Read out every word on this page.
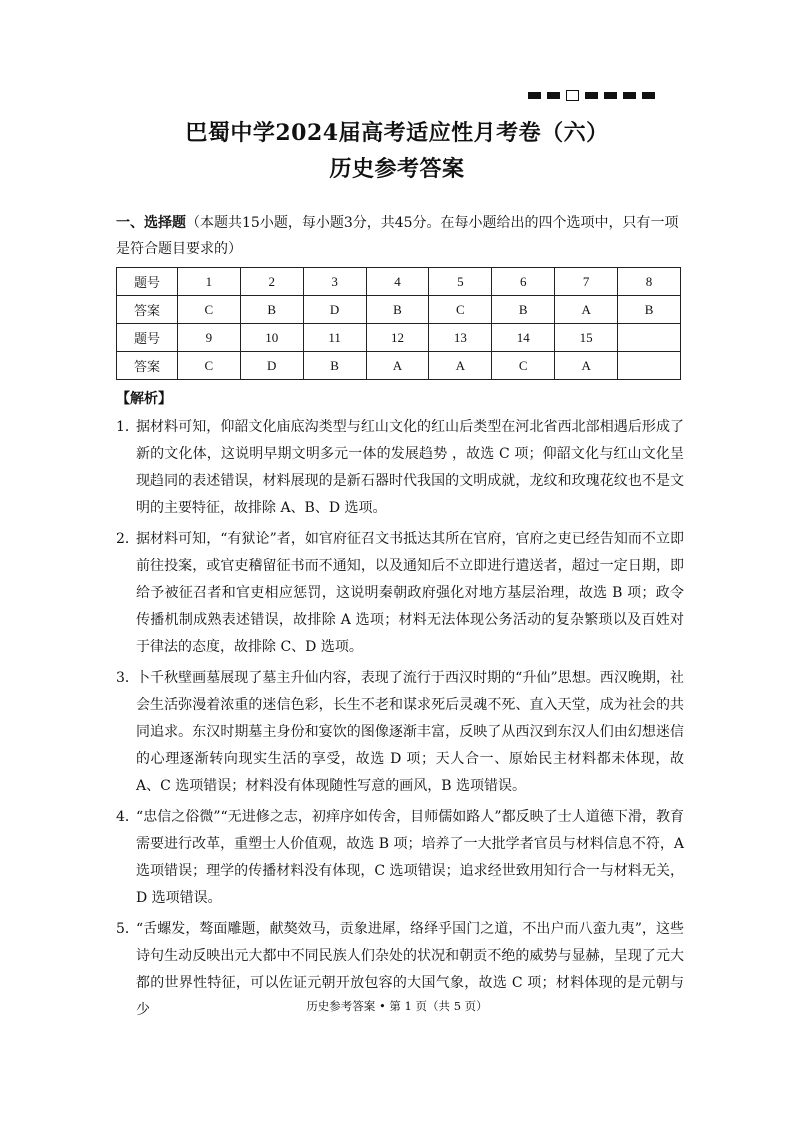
巴蜀中学2024届高考适应性月考卷（六）
历史参考答案
一、选择题（本题共15小题，每小题3分，共45分。在每小题给出的四个选项中，只有一项是符合题目要求的）
题号	1	2	3	4	5	6	7	8
答案	C	B	D	B	C	B	A	B
题号	9	10	11	12	13	14	15	
答案	C	D	B	A	A	C	A	
【解析】
1．
据材料可知，仰韶文化庙底沟类型与红山文化的红山后类型在河北省西北部相遇后形成了新的文化体，这说明早期文明多元一体的发展趋势 ，故选 C 项；仰韶文化与红山文化呈现趋同的表述错误，材料展现的是新石器时代我国的文明成就，龙纹和玫瑰花纹也不是文明的主要特征，故排除 A、B、D 选项。
2．
据材料可知，“有狱论”者，如官府征召文书抵达其所在官府，官府之吏已经告知而不立即前往投案，或官吏稽留征书而不通知，以及通知后不立即进行遣送者，超过一定日期，即给予被征召者和官吏相应惩罚，这说明秦朝政府强化对地方基层治理，故选 B 项；政令传播机制成熟表述错误，故排除 A 选项；材料无法体现公务活动的复杂繁琐以及百姓对于律法的态度，故排除 C、D 选项。
3．
卜千秋壁画墓展现了墓主升仙内容，表现了流行于西汉时期的“升仙”思想。西汉晚期，社会生活弥漫着浓重的迷信色彩，长生不老和谋求死后灵魂不死、直入天堂，成为社会的共同追求。东汉时期墓主身份和宴饮的图像逐渐丰富，反映了从西汉到东汉人们由幻想迷信的心理逐渐转向现实生活的享受，故选 D 项；天人合一、原始民主材料都未体现，故 A、C 选项错误；材料没有体现随性写意的画风，B 选项错误。
4．
“忠信之俗微”“无进修之志，初痒序如传舍，目师儒如路人”都反映了士人道德下滑，教育需要进行改革，重塑士人价值观，故选 B 项；培养了一大批学者官员与材料信息不符，A 选项错误；理学的传播材料没有体现，C 选项错误；追求经世致用知行合一与材料无关，D 选项错误。
5．
“舌螺发，骜面雕题，献獒效马，贡象进犀，络绎乎国门之道，不出户而八蛮九夷”，这些诗句生动反映出元大都中不同民族人们杂处的状况和朝贡不绝的威势与显赫，呈现了元大都的世界性特征，可以佐证元朝开放包容的大国气象，故选 C 项；材料体现的是元朝与少	历史参考答案 • 第 1 页（共 5 页）
